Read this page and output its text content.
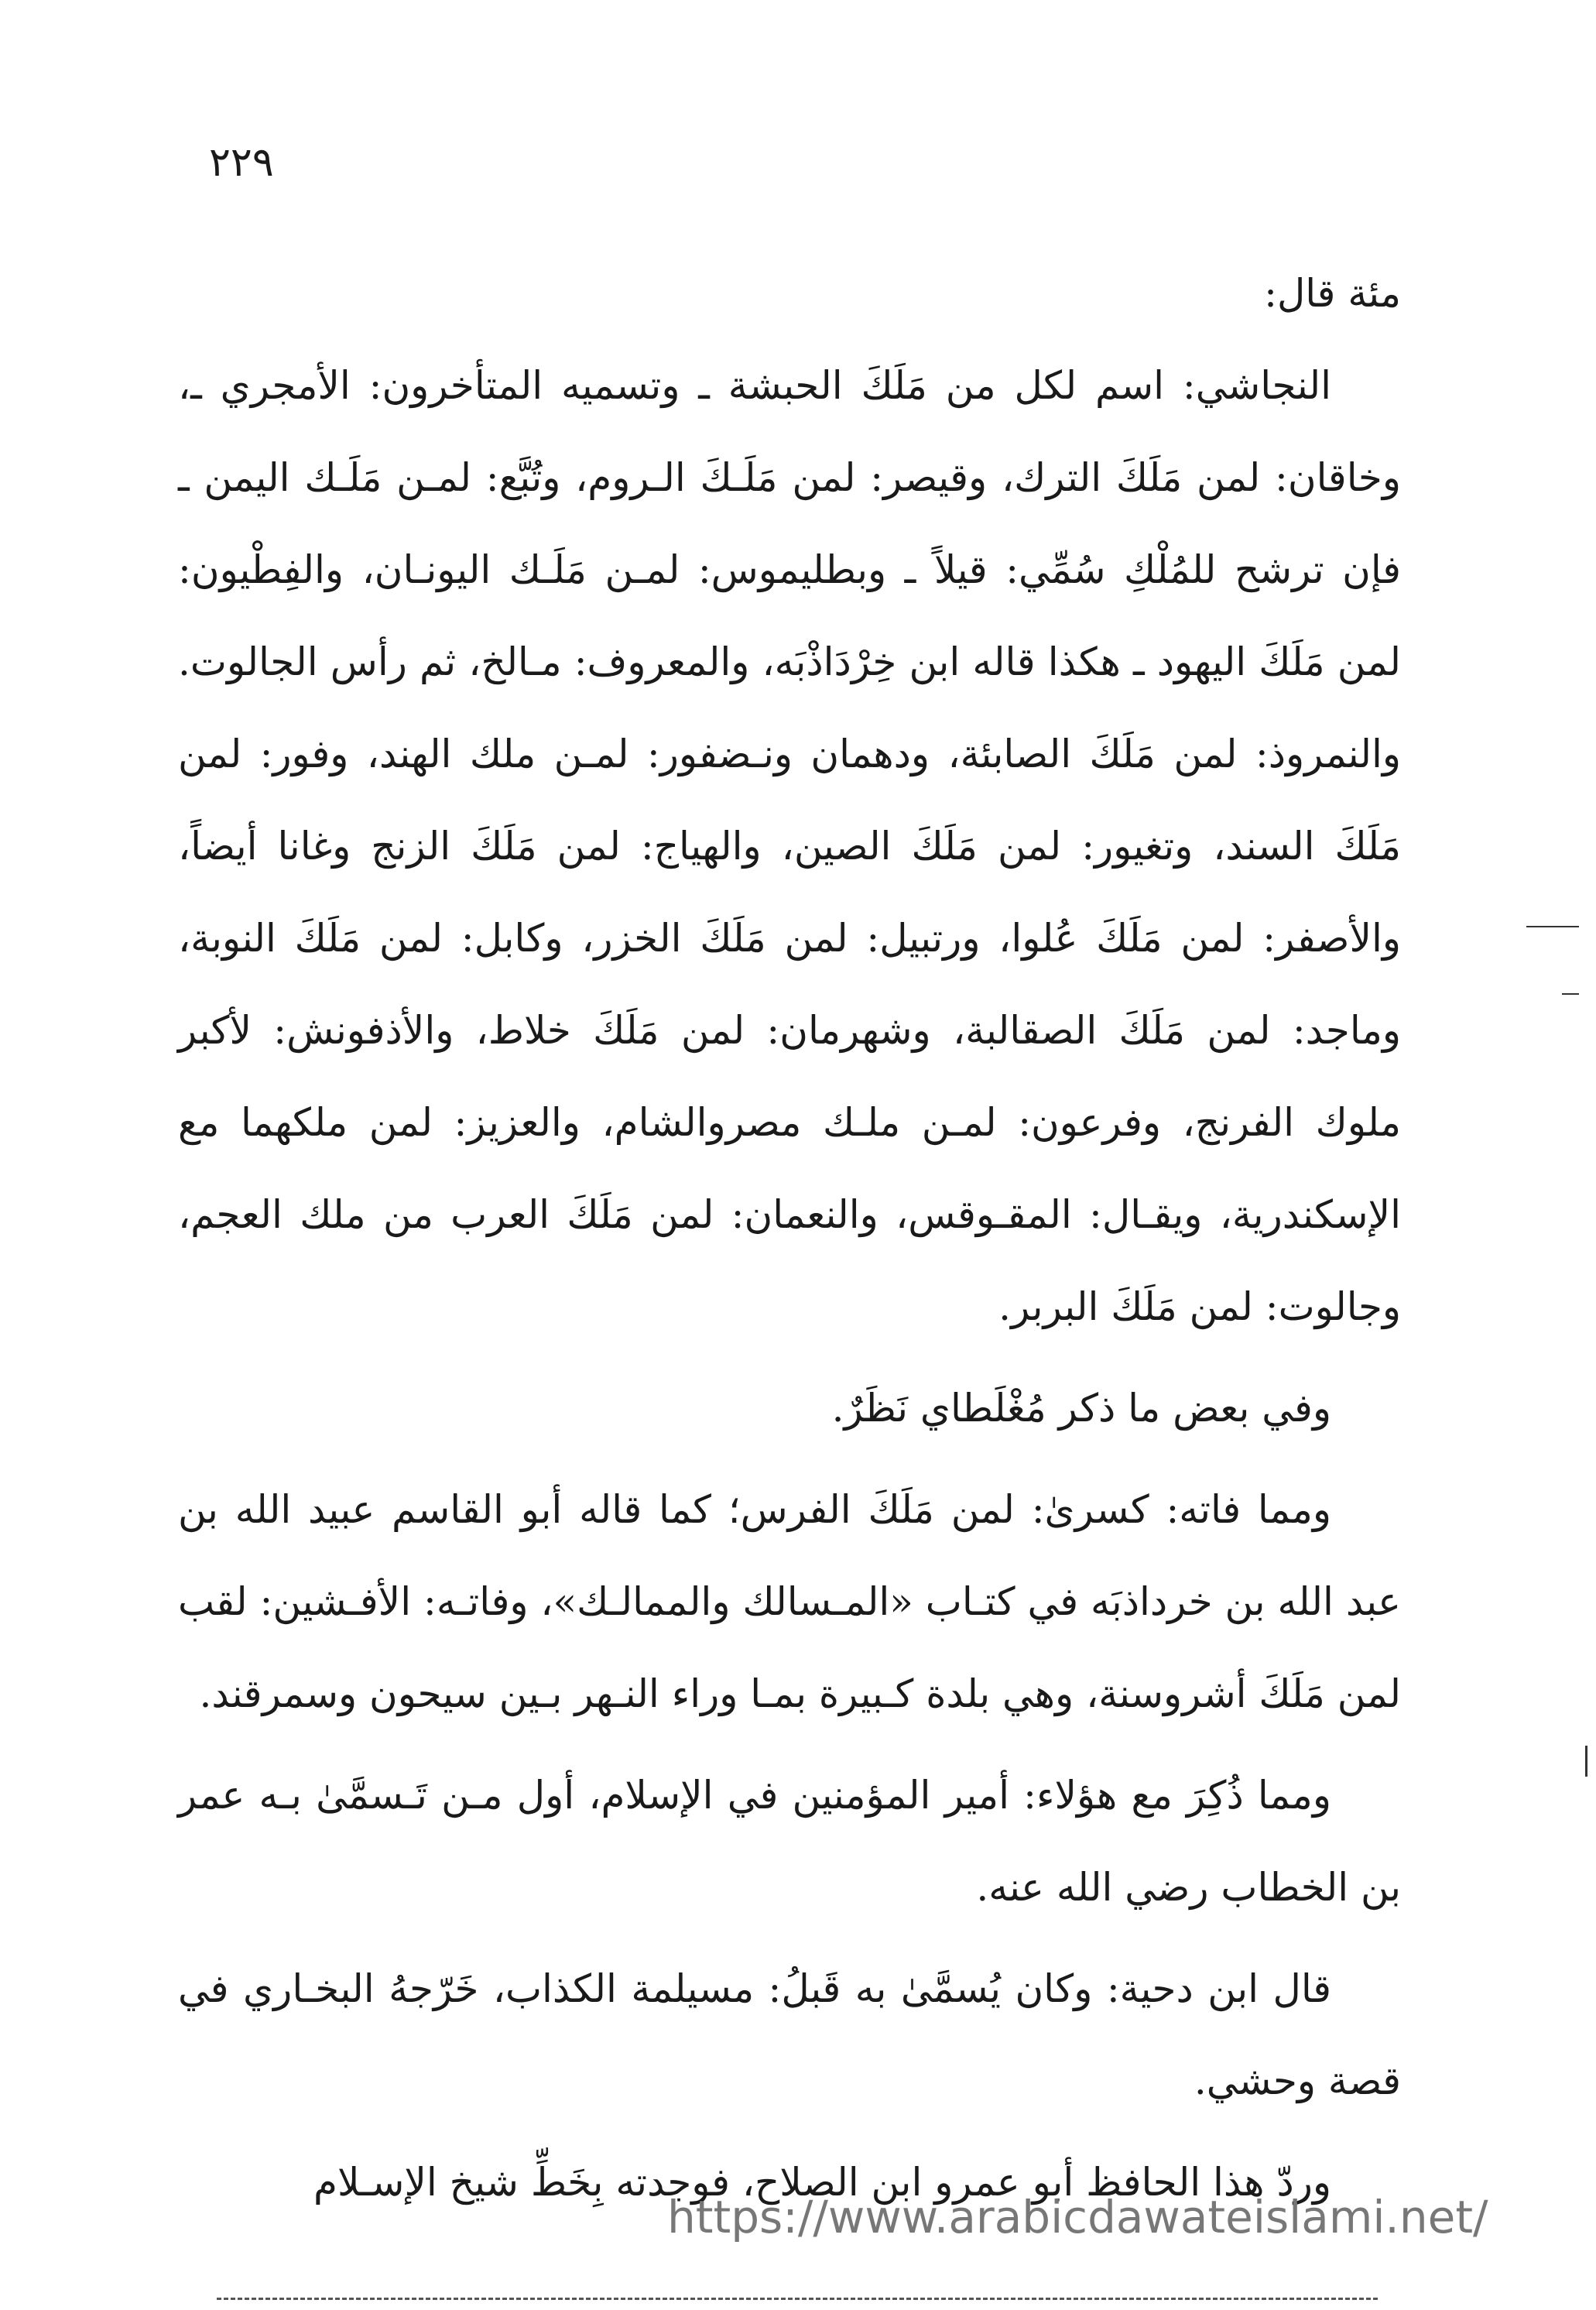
٢٢٩

مئة قال:

النجاشي: اسم لكل من مَلَكَ الحبشة ـ وتسميه المتأخرون: الأمجري ـ، وخاقان: لمن مَلَكَ الترك، وقيصر: لمن مَلَـكَ الـروم، وتُبَّع: لمـن مَلَـك اليمن ـ فإن ترشح للمُلْكِ سُمِّي: قيلاً ـ وبطليموس: لمـن مَلَـك اليونـان، والفِطْيون: لمن مَلَكَ اليهود ـ هكذا قاله ابن خِرْدَاذْبَه، والمعروف: مـالخ، ثم رأس الجالوت. والنمروذ: لمن مَلَكَ الصابئة، ودهمان ونـضفور: لمـن ملك الهند، وفور: لمن مَلَكَ السند، وتغيور: لمن مَلَكَ الصين، والهياج: لمن مَلَكَ الزنج وغانا أيضاً، والأصفر: لمن مَلَكَ عُلوا، ورتبيل: لمن مَلَكَ الخزر، وكابل: لمن مَلَكَ النوبة، وماجد: لمن مَلَكَ الصقالبة، وشهرمان: لمن مَلَكَ خلاط، والأذفونش: لأكبر ملوك الفرنج، وفرعون: لمـن ملـك مصروالشام، والعزيز: لمن ملكهما مع الإسكندرية، ويقـال: المقـوقس، والنعمان: لمن مَلَكَ العرب من ملك العجم، وجالوت: لمن مَلَكَ البربر.

وفي بعض ما ذكر مُغْلَطاي نَظَرٌ.

ومما فاته: كسرىٰ: لمن مَلَكَ الفرس؛ كما قاله أبو القاسم عبيد الله بن عبد الله بن خرداذبَه في كتـاب «المـسالك والممالـك»، وفاتـه: الأفـشين: لقب لمن مَلَكَ أشروسنة، وهي بلدة كـبيرة بمـا وراء النـهر بـين سيحون وسمرقند.

ومما ذُكِرَ مع هؤلاء: أمير المؤمنين في الإسلام، أول مـن تَـسمَّىٰ بـه عمر بن الخطاب رضي الله عنه.

قال ابن دحية: وكان يُسمَّىٰ به قَبلُ: مسيلمة الكذاب، خَرّجهُ البخـاري في قصة وحشي.

وردّ هذا الحافظ أبو عمرو ابن الصلاح، فوجدته بِخَطِّ شيخ الإسـلام

https://www.arabicdawateislami.net/
